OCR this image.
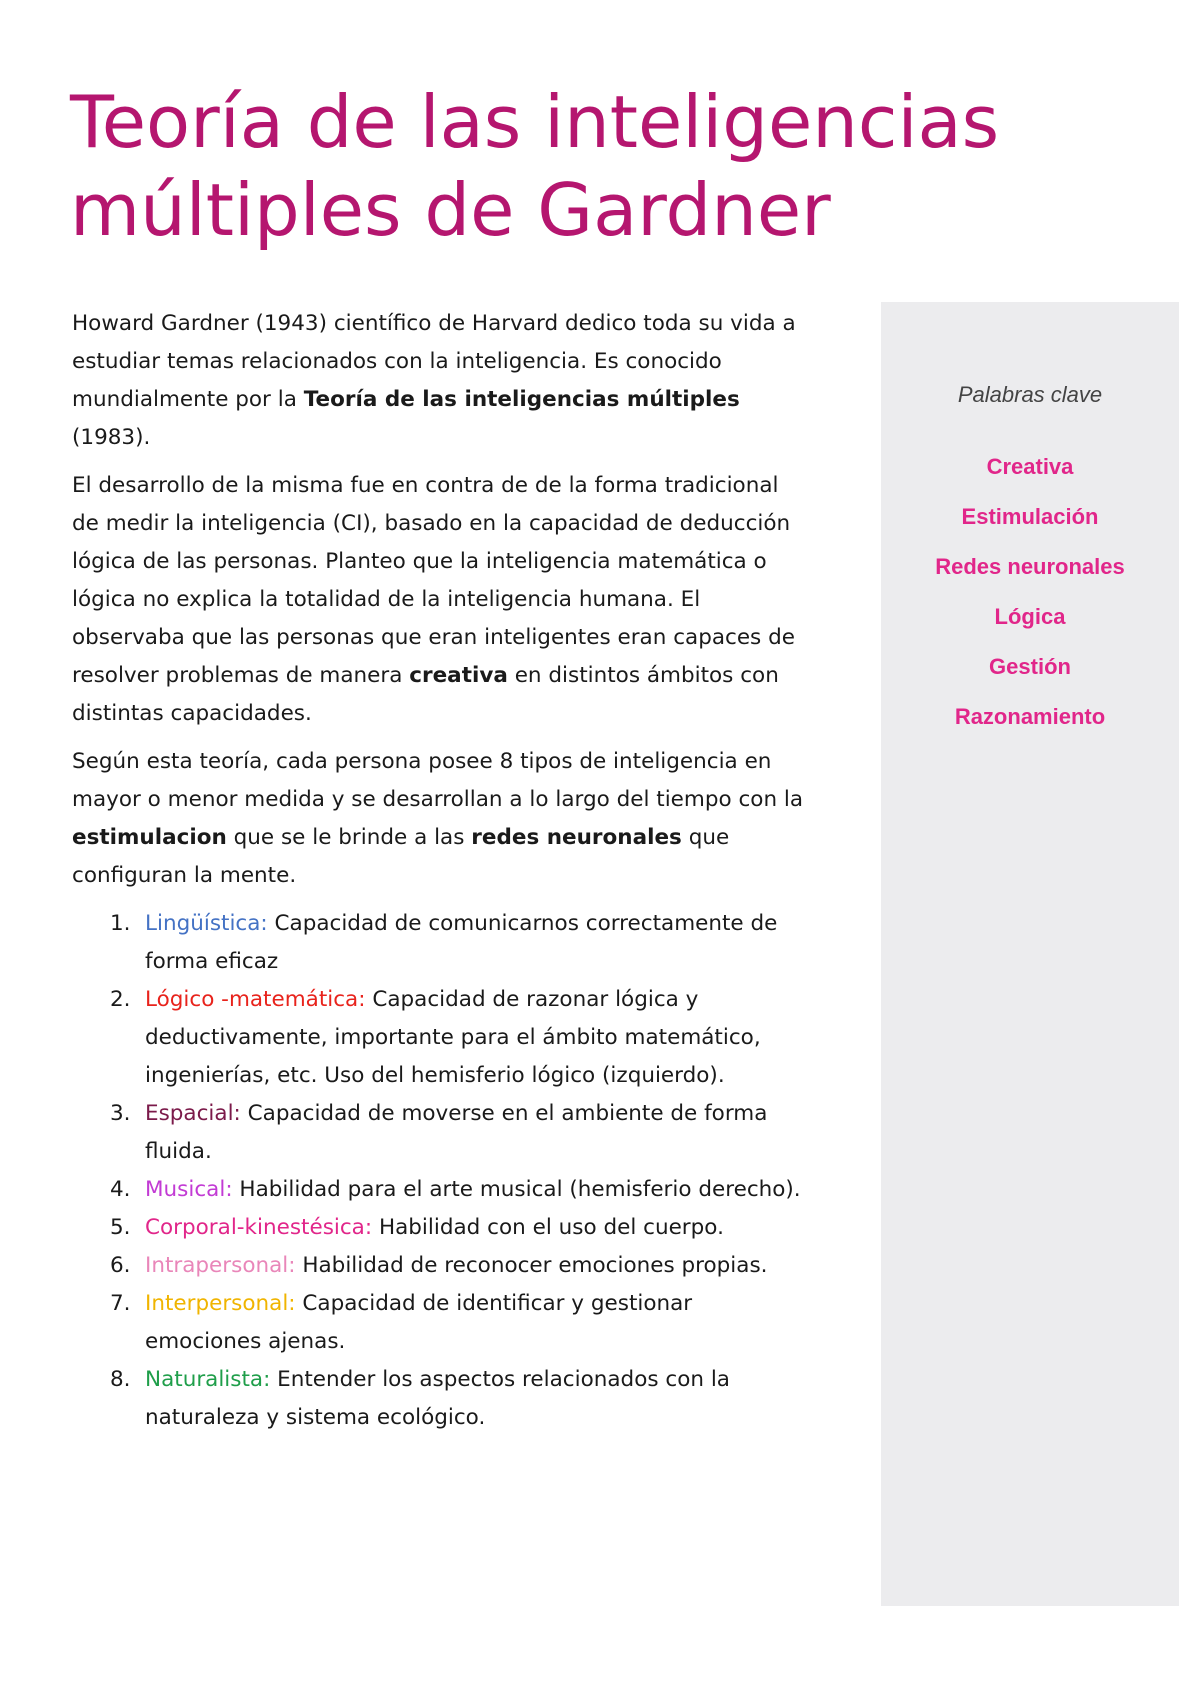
Teoría de las inteligencias múltiples de Gardner

Howard Gardner (1943) científico de Harvard dedico toda su vida a estudiar temas relacionados con la inteligencia. Es conocido mundialmente por la Teoría de las inteligencias múltiples (1983).

El desarrollo de la misma fue en contra de de la forma tradicional de medir la inteligencia (CI), basado en la capacidad de deducción lógica de las personas. Planteo que la inteligencia matemática o lógica no explica la totalidad de la inteligencia humana. El observaba que las personas que eran inteligentes eran capaces de resolver problemas de manera creativa en distintos ámbitos con distintas capacidades.

Según esta teoría, cada persona posee 8 tipos de inteligencia en mayor o menor medida y se desarrollan a lo largo del tiempo con la estimulacion que se le brinde a las redes neuronales que configuran la mente.

1. Lingüística: Capacidad de comunicarnos correctamente de forma eficaz
2. Lógico -matemática: Capacidad de razonar lógica y deductivamente, importante para el ámbito matemático, ingenierías, etc. Uso del hemisferio lógico (izquierdo).
3. Espacial: Capacidad de moverse en el ambiente de forma fluida.
4. Musical: Habilidad para el arte musical (hemisferio derecho).
5. Corporal-kinestésica: Habilidad con el uso del cuerpo.
6. Intrapersonal: Habilidad de reconocer emociones propias.
7. Interpersonal: Capacidad de identificar y gestionar emociones ajenas.
8. Naturalista: Entender los aspectos relacionados con la naturaleza y sistema ecológico.

Palabras clave

Creativa
Estimulación
Redes neuronales
Lógica
Gestión
Razonamiento
